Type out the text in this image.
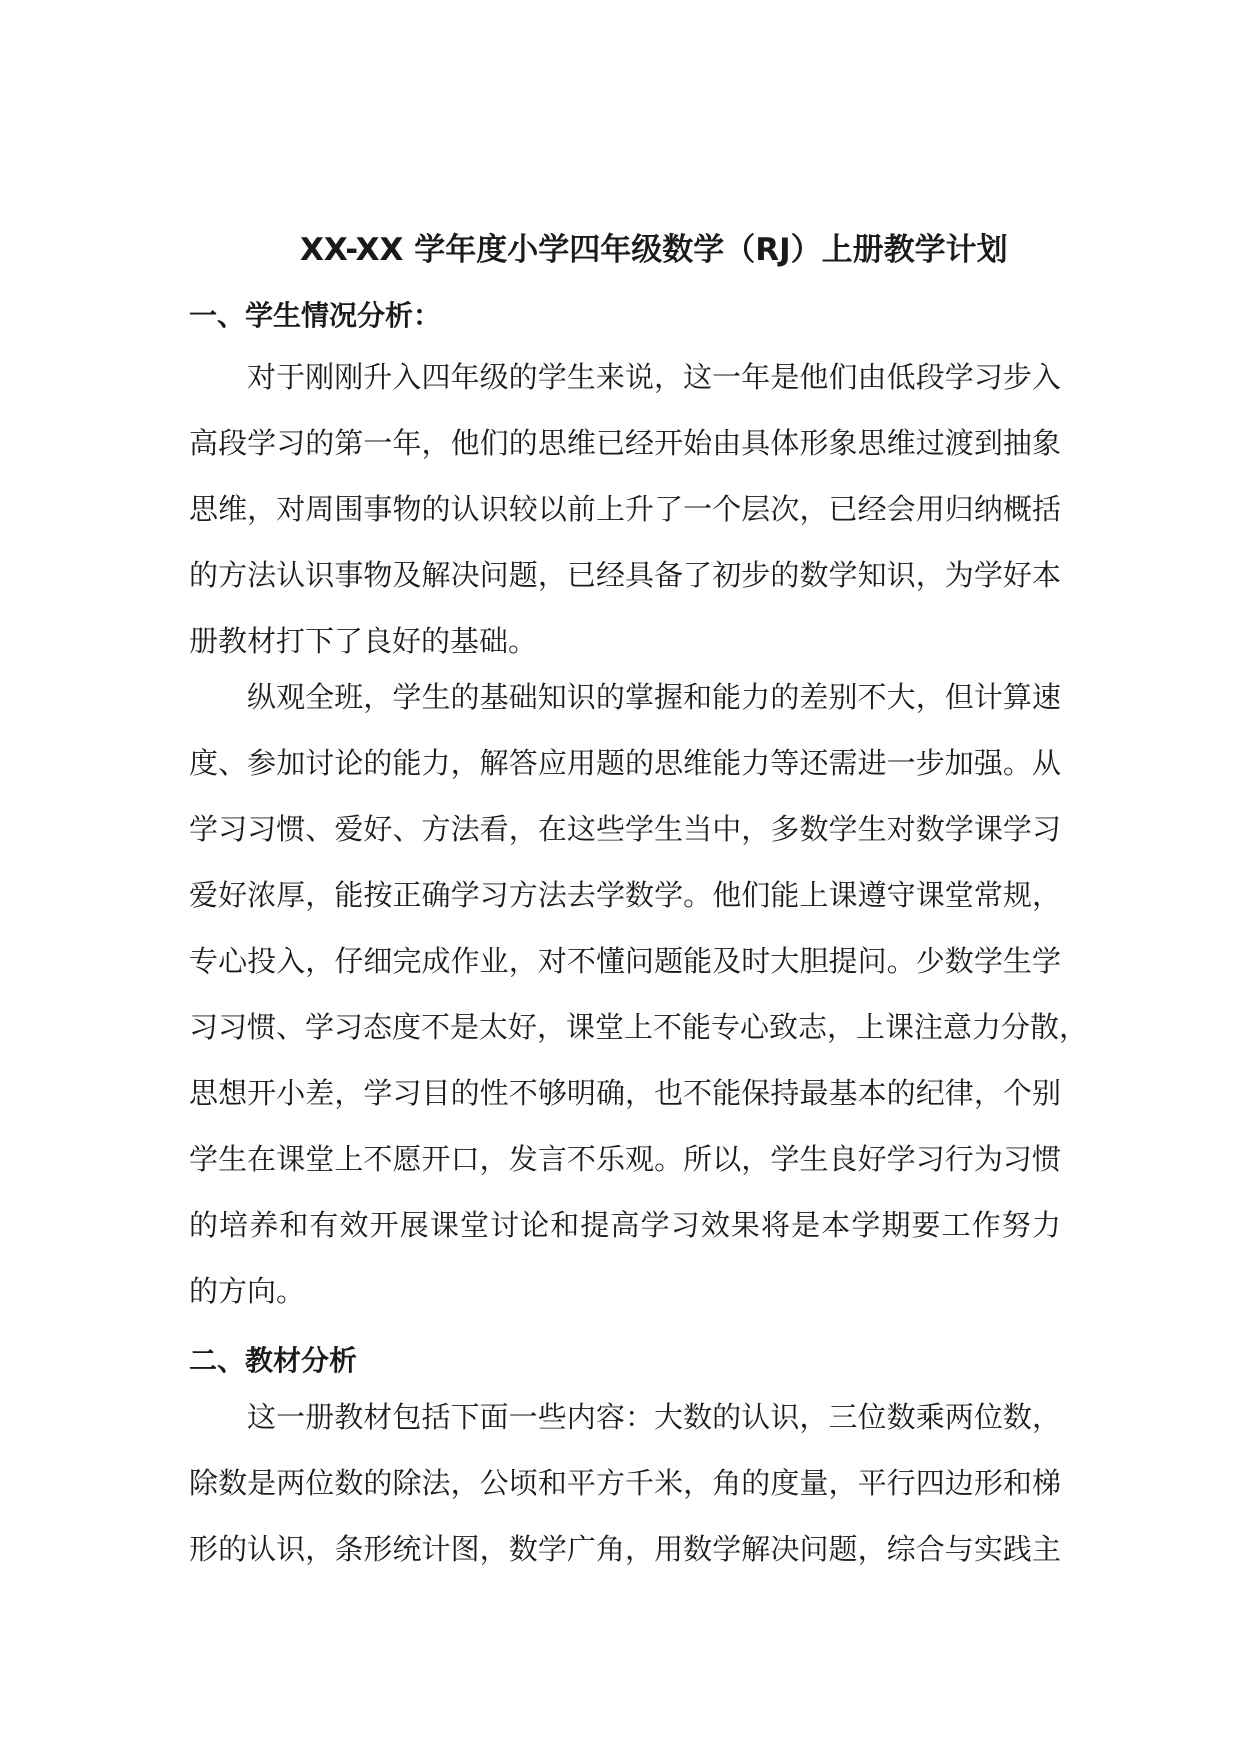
XX-XX 学年度小学四年级数学（RJ）上册教学计划
一、学生情况分析：
对于刚刚升入四年级的学生来说，这一年是他们由低段学习步入
高段学习的第一年，他们的思维已经开始由具体形象思维过渡到抽象
思维，对周围事物的认识较以前上升了一个层次，已经会用归纳概括
的方法认识事物及解决问题，已经具备了初步的数学知识，为学好本
册教材打下了良好的基础。
纵观全班，学生的基础知识的掌握和能力的差别不大，但计算速
度、参加讨论的能力，解答应用题的思维能力等还需进一步加强。从
学习习惯、爱好、方法看，在这些学生当中，多数学生对数学课学习
爱好浓厚，能按正确学习方法去学数学。他们能上课遵守课堂常规，
专心投入，仔细完成作业，对不懂问题能及时大胆提问。少数学生学
习习惯、学习态度不是太好，课堂上不能专心致志，上课注意力分散，
思想开小差，学习目的性不够明确，也不能保持最基本的纪律，个别
学生在课堂上不愿开口，发言不乐观。所以，学生良好学习行为习惯
的培养和有效开展课堂讨论和提高学习效果将是本学期要工作努力
的方向。
二、教材分析
这一册教材包括下面一些内容：大数的认识，三位数乘两位数，
除数是两位数的除法，公顷和平方千米，角的度量，平行四边形和梯
形的认识，条形统计图，数学广角，用数学解决问题，综合与实践主
